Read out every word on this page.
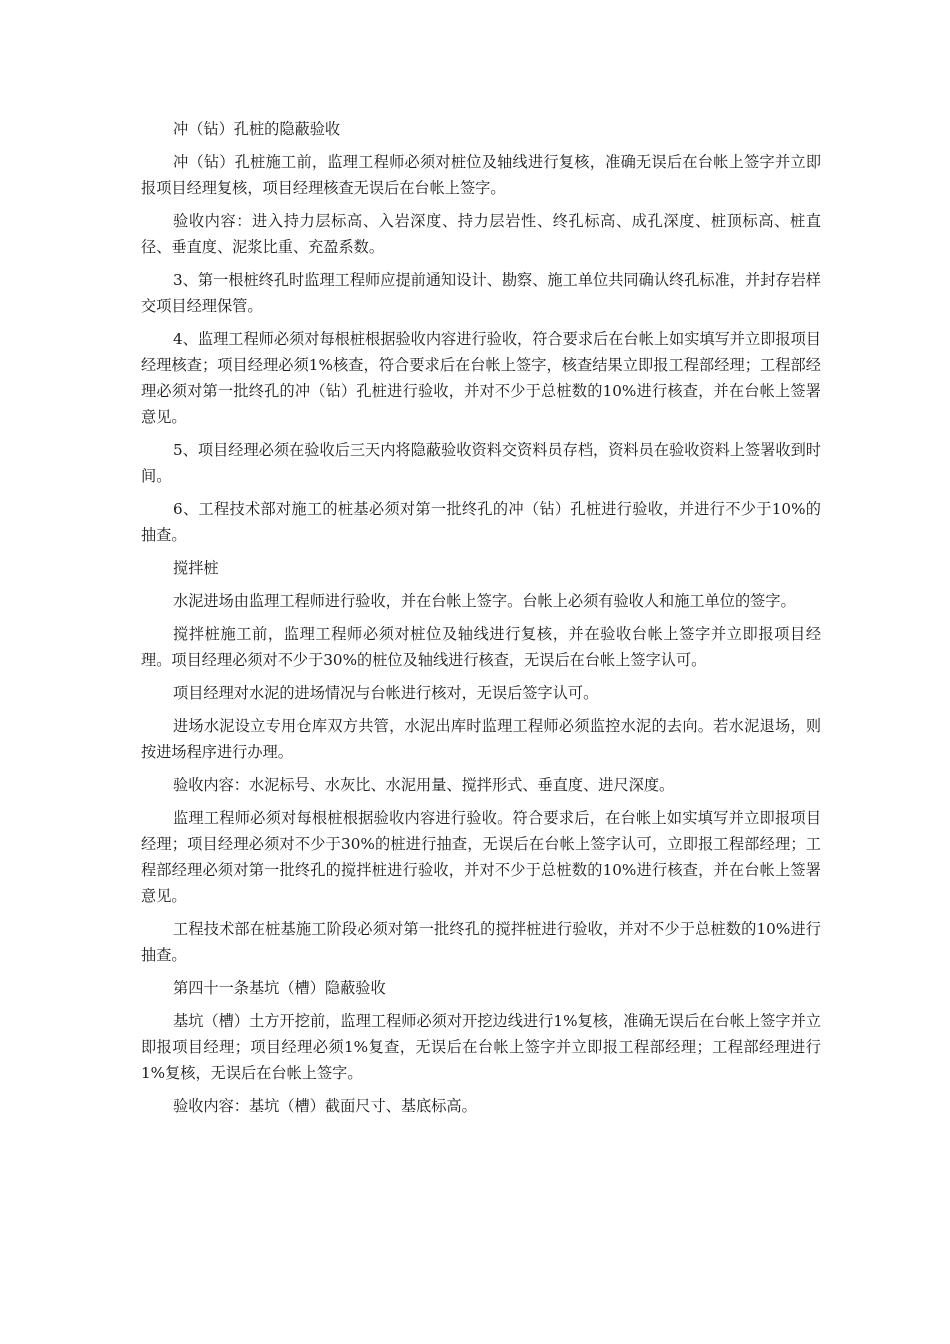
冲（钻）孔桩的隐蔽验收

冲（钻）孔桩施工前，监理工程师必须对桩位及轴线进行复核，准确无误后在台帐上签字并立即报项目经理复核，项目经理核查无误后在台帐上签字。

验收内容：进入持力层标高、入岩深度、持力层岩性、终孔标高、成孔深度、桩顶标高、桩直径、垂直度、泥浆比重、充盈系数。

3、第一根桩终孔时监理工程师应提前通知设计、勘察、施工单位共同确认终孔标准，并封存岩样交项目经理保管。

4、监理工程师必须对每根桩根据验收内容进行验收，符合要求后在台帐上如实填写并立即报项目经理核查；项目经理必须1%核查，符合要求后在台帐上签字，核查结果立即报工程部经理；工程部经理必须对第一批终孔的冲（钻）孔桩进行验收，并对不少于总桩数的10%进行核查，并在台帐上签署意见。

5、项目经理必须在验收后三天内将隐蔽验收资料交资料员存档，资料员在验收资料上签署收到时间。

6、工程技术部对施工的桩基必须对第一批终孔的冲（钻）孔桩进行验收，并进行不少于10%的抽查。

搅拌桩

水泥进场由监理工程师进行验收，并在台帐上签字。台帐上必须有验收人和施工单位的签字。

搅拌桩施工前，监理工程师必须对桩位及轴线进行复核，并在验收台帐上签字并立即报项目经理。项目经理必须对不少于30%的桩位及轴线进行核查，无误后在台帐上签字认可。

项目经理对水泥的进场情况与台帐进行核对，无误后签字认可。

进场水泥设立专用仓库双方共管，水泥出库时监理工程师必须监控水泥的去向。若水泥退场，则按进场程序进行办理。

验收内容：水泥标号、水灰比、水泥用量、搅拌形式、垂直度、进尺深度。

监理工程师必须对每根桩根据验收内容进行验收。符合要求后，在台帐上如实填写并立即报项目经理；项目经理必须对不少于30%的桩进行抽查，无误后在台帐上签字认可，立即报工程部经理；工程部经理必须对第一批终孔的搅拌桩进行验收，并对不少于总桩数的10%进行核查，并在台帐上签署意见。

工程技术部在桩基施工阶段必须对第一批终孔的搅拌桩进行验收，并对不少于总桩数的10%进行抽查。

第四十一条基坑（槽）隐蔽验收

基坑（槽）土方开挖前，监理工程师必须对开挖边线进行1%复核，准确无误后在台帐上签字并立即报项目经理；项目经理必须1%复查，无误后在台帐上签字并立即报工程部经理；工程部经理进行1%复核，无误后在台帐上签字。

验收内容：基坑（槽）截面尺寸、基底标高。
